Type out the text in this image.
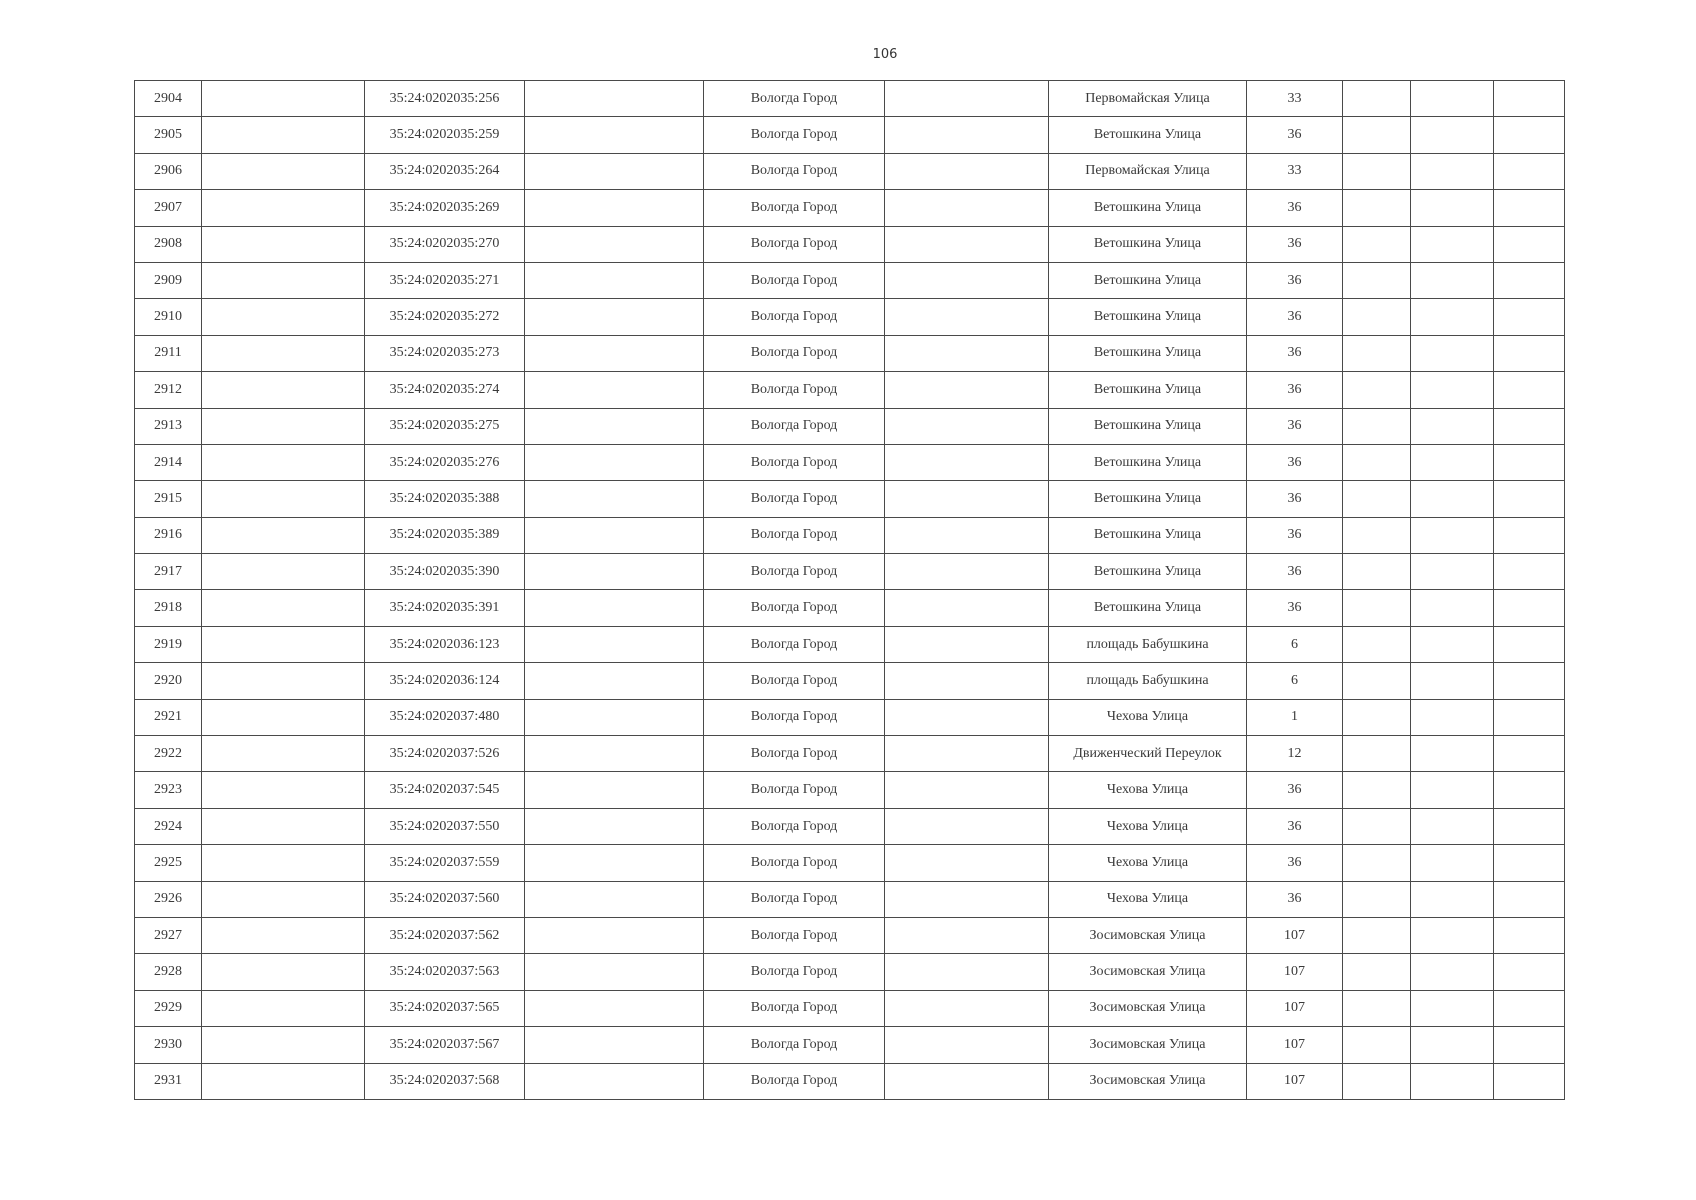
106
2904		35:24:0202035:256		Вологда Город		Первомайская Улица	33			
2905		35:24:0202035:259		Вологда Город		Ветошкина Улица	36			
2906		35:24:0202035:264		Вологда Город		Первомайская Улица	33			
2907		35:24:0202035:269		Вологда Город		Ветошкина Улица	36			
2908		35:24:0202035:270		Вологда Город		Ветошкина Улица	36			
2909		35:24:0202035:271		Вологда Город		Ветошкина Улица	36			
2910		35:24:0202035:272		Вологда Город		Ветошкина Улица	36			
2911		35:24:0202035:273		Вологда Город		Ветошкина Улица	36			
2912		35:24:0202035:274		Вологда Город		Ветошкина Улица	36			
2913		35:24:0202035:275		Вологда Город		Ветошкина Улица	36			
2914		35:24:0202035:276		Вологда Город		Ветошкина Улица	36			
2915		35:24:0202035:388		Вологда Город		Ветошкина Улица	36			
2916		35:24:0202035:389		Вологда Город		Ветошкина Улица	36			
2917		35:24:0202035:390		Вологда Город		Ветошкина Улица	36			
2918		35:24:0202035:391		Вологда Город		Ветошкина Улица	36			
2919		35:24:0202036:123		Вологда Город		площадь Бабушкина	6			
2920		35:24:0202036:124		Вологда Город		площадь Бабушкина	6			
2921		35:24:0202037:480		Вологда Город		Чехова Улица	1			
2922		35:24:0202037:526		Вологда Город		Движенческий Переулок	12			
2923		35:24:0202037:545		Вологда Город		Чехова Улица	36			
2924		35:24:0202037:550		Вологда Город		Чехова Улица	36			
2925		35:24:0202037:559		Вологда Город		Чехова Улица	36			
2926		35:24:0202037:560		Вологда Город		Чехова Улица	36			
2927		35:24:0202037:562		Вологда Город		Зосимовская Улица	107			
2928		35:24:0202037:563		Вологда Город		Зосимовская Улица	107			
2929		35:24:0202037:565		Вологда Город		Зосимовская Улица	107			
2930		35:24:0202037:567		Вологда Город		Зосимовская Улица	107			
2931		35:24:0202037:568		Вологда Город		Зосимовская Улица	107			
